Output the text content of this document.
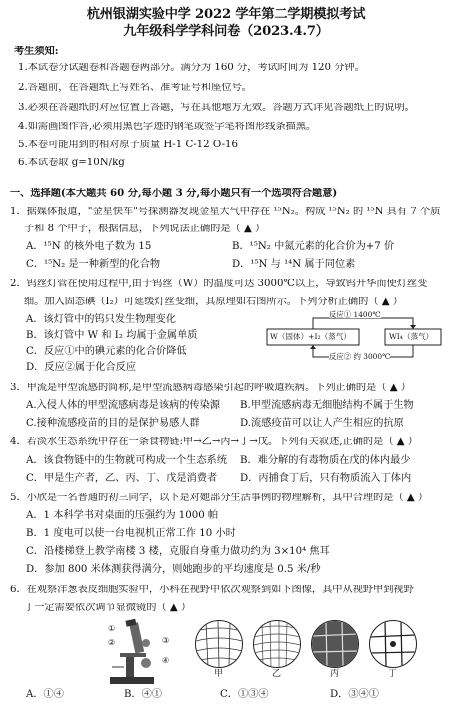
杭州银湖实验中学 2022 学年第二学期模拟考试
九年级科学学科问卷（2023.4.7）
考生须知:
1.本试卷分试题卷和答题卷两部分。满分为 160 分，考试时间为 120 分钟。
2.答题前，在答题纸上写姓名、准考证号和座位号。
3.必须在答题纸的对应位置上答题，写在其他地方无效。答题方式详见答题纸上的说明。
4.如需画图作答,必须用黑色字迹的钢笔或签字笔将图形线条描黑。
5.本卷可能用到的相对原子质量 H-1 C-12 O-16
6.本试卷取 g=10N/kg
一、选择题(本大题共 60 分,每小题 3 分,每小题只有一个选项符合题意)
1．据媒体报道，"金星快车"号探测器发现金星大气中存在 ¹⁵N₂。构成 ¹⁵N₂ 的 ¹⁵N 具有 7 个质
子和 8 个中子，根据信息，下列说法正确的是（ ▲ ）
A．¹⁵N 的核外电子数为 15	B．¹⁵N₂ 中氮元素的化合价为+7 价
C．¹⁵N₂ 是一种新型的化合物	D．¹⁵N 与 ¹⁴N 属于同位素
2．钨丝灯管在使用过程中,由于钨丝（W）的温度可达 3000℃以上，导致钨升华而使灯丝变
细。加入固态碘（I₂）可延缓灯丝变细，其原理如右图所示。下列分析正确的（ ▲ ）
A．该灯管中的钨只发生物理变化
B．该灯管中 W 和 I₂ 均属于金属单质
C．反应①中的碘元素的化合价降低
D．反应②属于化合反应
W（固体）+I₂（蒸气）	WI₄（蒸气）
反应① 1400℃
反应② 约 3000℃
3．甲流是甲型流感的简称,是甲型流感病毒感染引起的呼吸道疾病。下列正确的是（ ▲ ）
A.入侵人体的甲型流感病毒是该病的传染源 B.甲型流感病毒无细胞结构不属于生物
C.接种流感疫苗的目的是保护易感人群	D.流感疫苗可以让人产生相应的抗原
4．若淡水生态系统中存在一条食物链:甲→乙→丙→丁→戊。下列有关叙述,正确的是（ ▲ ）
A．该食物链中的生物就可构成一个生态系统 B．难分解的有毒物质在戊的体内最少
C．甲是生产者，乙、丙、丁、戊是消费者 D．丙捕食丁后，只有物质流入丁体内
5．小欣是一名普通的初三同学，以下是对她部分生活事例的物理解析，其中合理的是（ ▲ ）
A．1 本科学书对桌面的压强约为 1000 帕
B．1 度电可以使一台电视机正常工作 10 小时
C．沿楼梯登上教学南楼 3 楼，克服自身重力做功约为 3×10⁴ 焦耳
D．参加 800 米体测获得满分，则她跑步的平均速度是 0.5 米/秒
6．在观察洋葱表皮细胞实验中，小科在视野中依次观察到如下图像，其中从视野甲到视野
丁一定需要依次调节显微镜的（ ▲ ）
①
②	③
④
甲	乙	丙	丁
A．①④	B．④①	C．①③④	D．③④①
